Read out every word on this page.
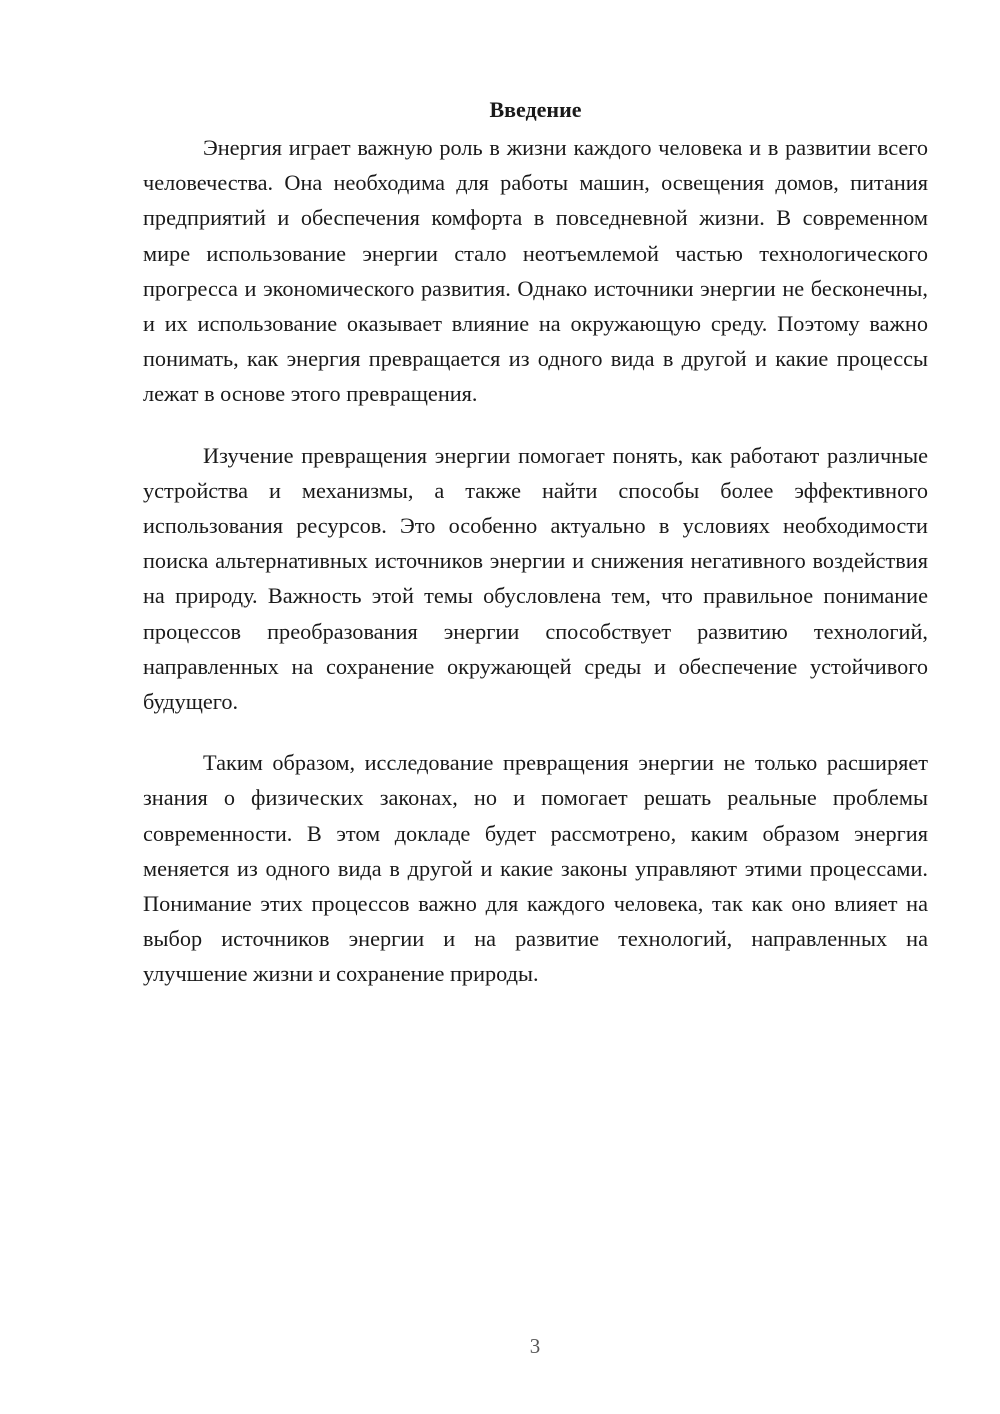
Введение

Энергия играет важную роль в жизни каждого человека и в развитии всего человечества. Она необходима для работы машин, освещения домов, питания предприятий и обеспечения комфорта в повседневной жизни. В современном мире использование энергии стало неотъемлемой частью технологического прогресса и экономического развития. Однако источники энергии не бесконечны, и их использование оказывает влияние на окружающую среду. Поэтому важно понимать, как энергия превращается из одного вида в другой и какие процессы лежат в основе этого превращения.

Изучение превращения энергии помогает понять, как работают различные устройства и механизмы, а также найти способы более эффективного использования ресурсов. Это особенно актуально в условиях необходимости поиска альтернативных источников энергии и снижения негативного воздействия на природу. Важность этой темы обусловлена тем, что правильное понимание процессов преобразования энергии способствует развитию технологий, направленных на сохранение окружающей среды и обеспечение устойчивого будущего.

Таким образом, исследование превращения энергии не только расширяет знания о физических законах, но и помогает решать реальные проблемы современности. В этом докладе будет рассмотрено, каким образом энергия меняется из одного вида в другой и какие законы управляют этими процессами. Понимание этих процессов важно для каждого человека, так как оно влияет на выбор источников энергии и на развитие технологий, направленных на улучшение жизни и сохранение природы.

3
